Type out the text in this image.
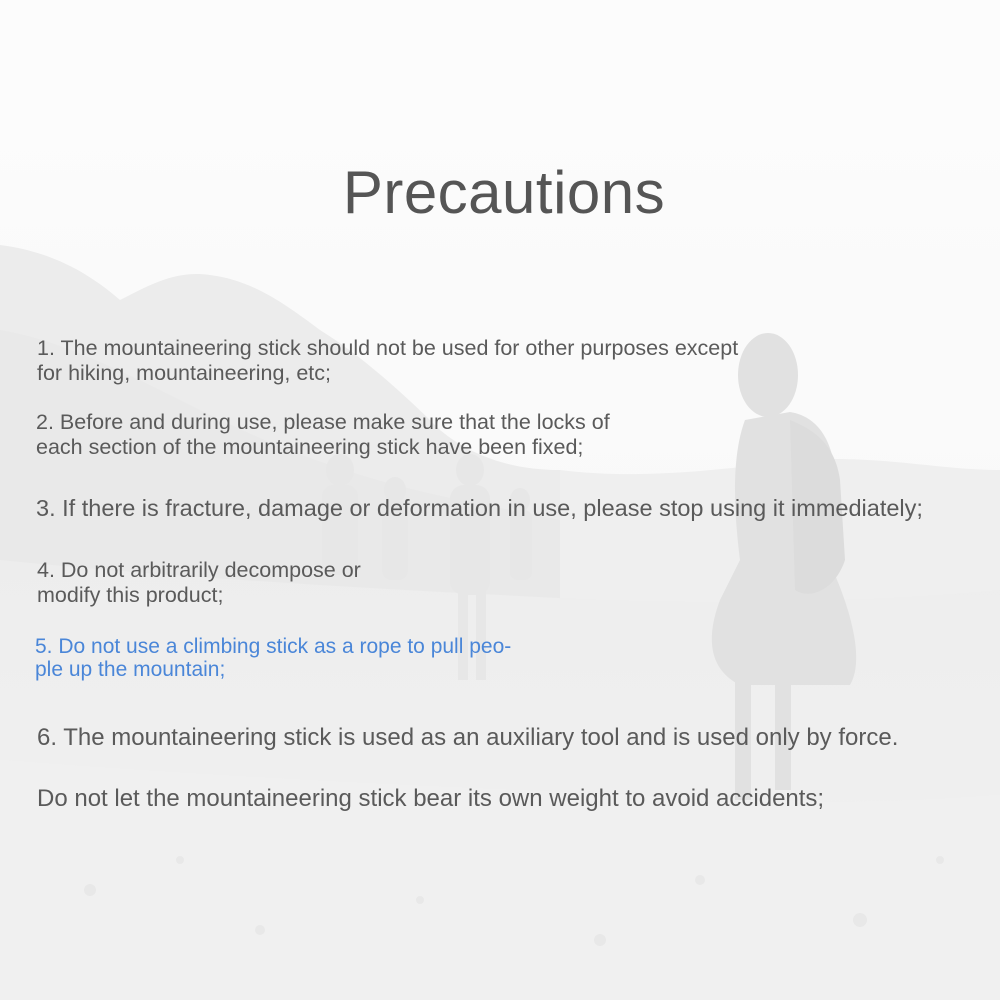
Precautions
1. The mountaineering stick should not be used for other purposes except
for hiking, mountaineering, etc;
2. Before and during use, please make sure that the locks of
each section of the mountaineering stick have been fixed;
3. If there is fracture, damage or deformation in use, please stop using it immediately;
4. Do not arbitrarily decompose or
modify this product;
5. Do not use a climbing stick as a rope to pull peo-
ple up the mountain;
6. The mountaineering stick is used as an auxiliary tool and is used only by force.
Do not let the mountaineering stick bear its own weight to avoid accidents;
